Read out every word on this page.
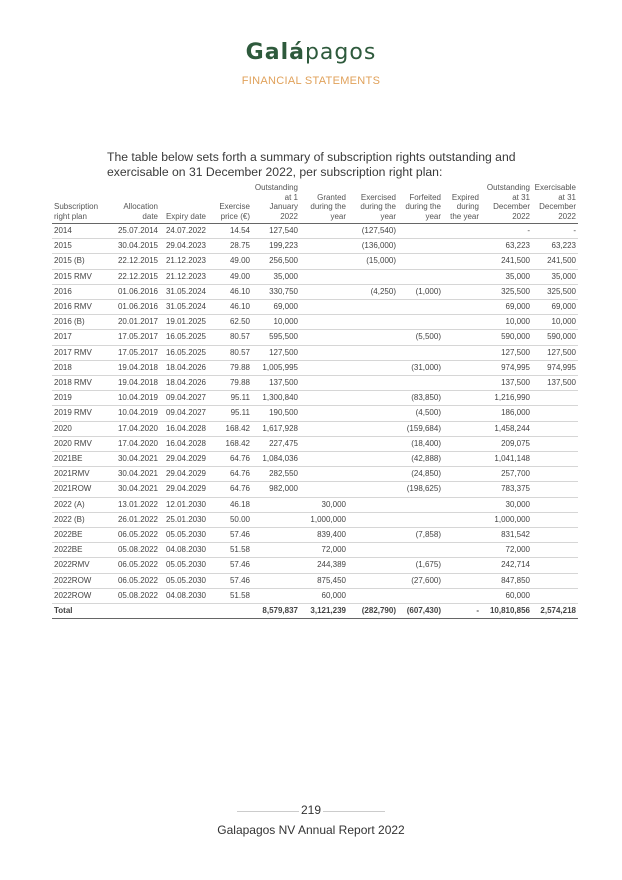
Galápagos
FINANCIAL STATEMENTS
The table below sets forth a summary of subscription rights outstanding and exercisable on 31 December 2022, per subscription right plan:
Subscription right plan	Allocation date	Expiry date	Exercise price (€)	Outstanding at 1 January 2022	Granted during the year	Exercised during the year	Forfeited during the year	Expired during the year	Outstanding at 31 December 2022	Exercisable at 31 December 2022
2014	25.07.2014	24.07.2022	14.54	127,540		(127,540)			-	-
2015	30.04.2015	29.04.2023	28.75	199,223		(136,000)			63,223	63,223
2015 (B)	22.12.2015	21.12.2023	49.00	256,500		(15,000)			241,500	241,500
2015 RMV	22.12.2015	21.12.2023	49.00	35,000					35,000	35,000
2016	01.06.2016	31.05.2024	46.10	330,750		(4,250)	(1,000)		325,500	325,500
2016 RMV	01.06.2016	31.05.2024	46.10	69,000					69,000	69,000
2016 (B)	20.01.2017	19.01.2025	62.50	10,000					10,000	10,000
2017	17.05.2017	16.05.2025	80.57	595,500			(5,500)		590,000	590,000
2017 RMV	17.05.2017	16.05.2025	80.57	127,500					127,500	127,500
2018	19.04.2018	18.04.2026	79.88	1,005,995			(31,000)		974,995	974,995
2018 RMV	19.04.2018	18.04.2026	79.88	137,500					137,500	137,500
2019	10.04.2019	09.04.2027	95.11	1,300,840			(83,850)		1,216,990	
2019 RMV	10.04.2019	09.04.2027	95.11	190,500			(4,500)		186,000	
2020	17.04.2020	16.04.2028	168.42	1,617,928			(159,684)		1,458,244	
2020 RMV	17.04.2020	16.04.2028	168.42	227,475			(18,400)		209,075	
2021BE	30.04.2021	29.04.2029	64.76	1,084,036			(42,888)		1,041,148	
2021RMV	30.04.2021	29.04.2029	64.76	282,550			(24,850)		257,700	
2021ROW	30.04.2021	29.04.2029	64.76	982,000			(198,625)		783,375	
2022 (A)	13.01.2022	12.01.2030	46.18		30,000				30,000	
2022 (B)	26.01.2022	25.01.2030	50.00		1,000,000				1,000,000	
2022BE	06.05.2022	05.05.2030	57.46		839,400		(7,858)		831,542	
2022BE	05.08.2022	04.08.2030	51.58		72,000				72,000	
2022RMV	06.05.2022	05.05.2030	57.46		244,389		(1,675)		242,714	
2022ROW	06.05.2022	05.05.2030	57.46		875,450		(27,600)		847,850	
2022ROW	05.08.2022	04.08.2030	51.58		60,000				60,000	
Total				8,579,837	3,121,239	(282,790)	(607,430)	-	10,810,856	2,574,218
219
Galapagos NV Annual Report 2022
